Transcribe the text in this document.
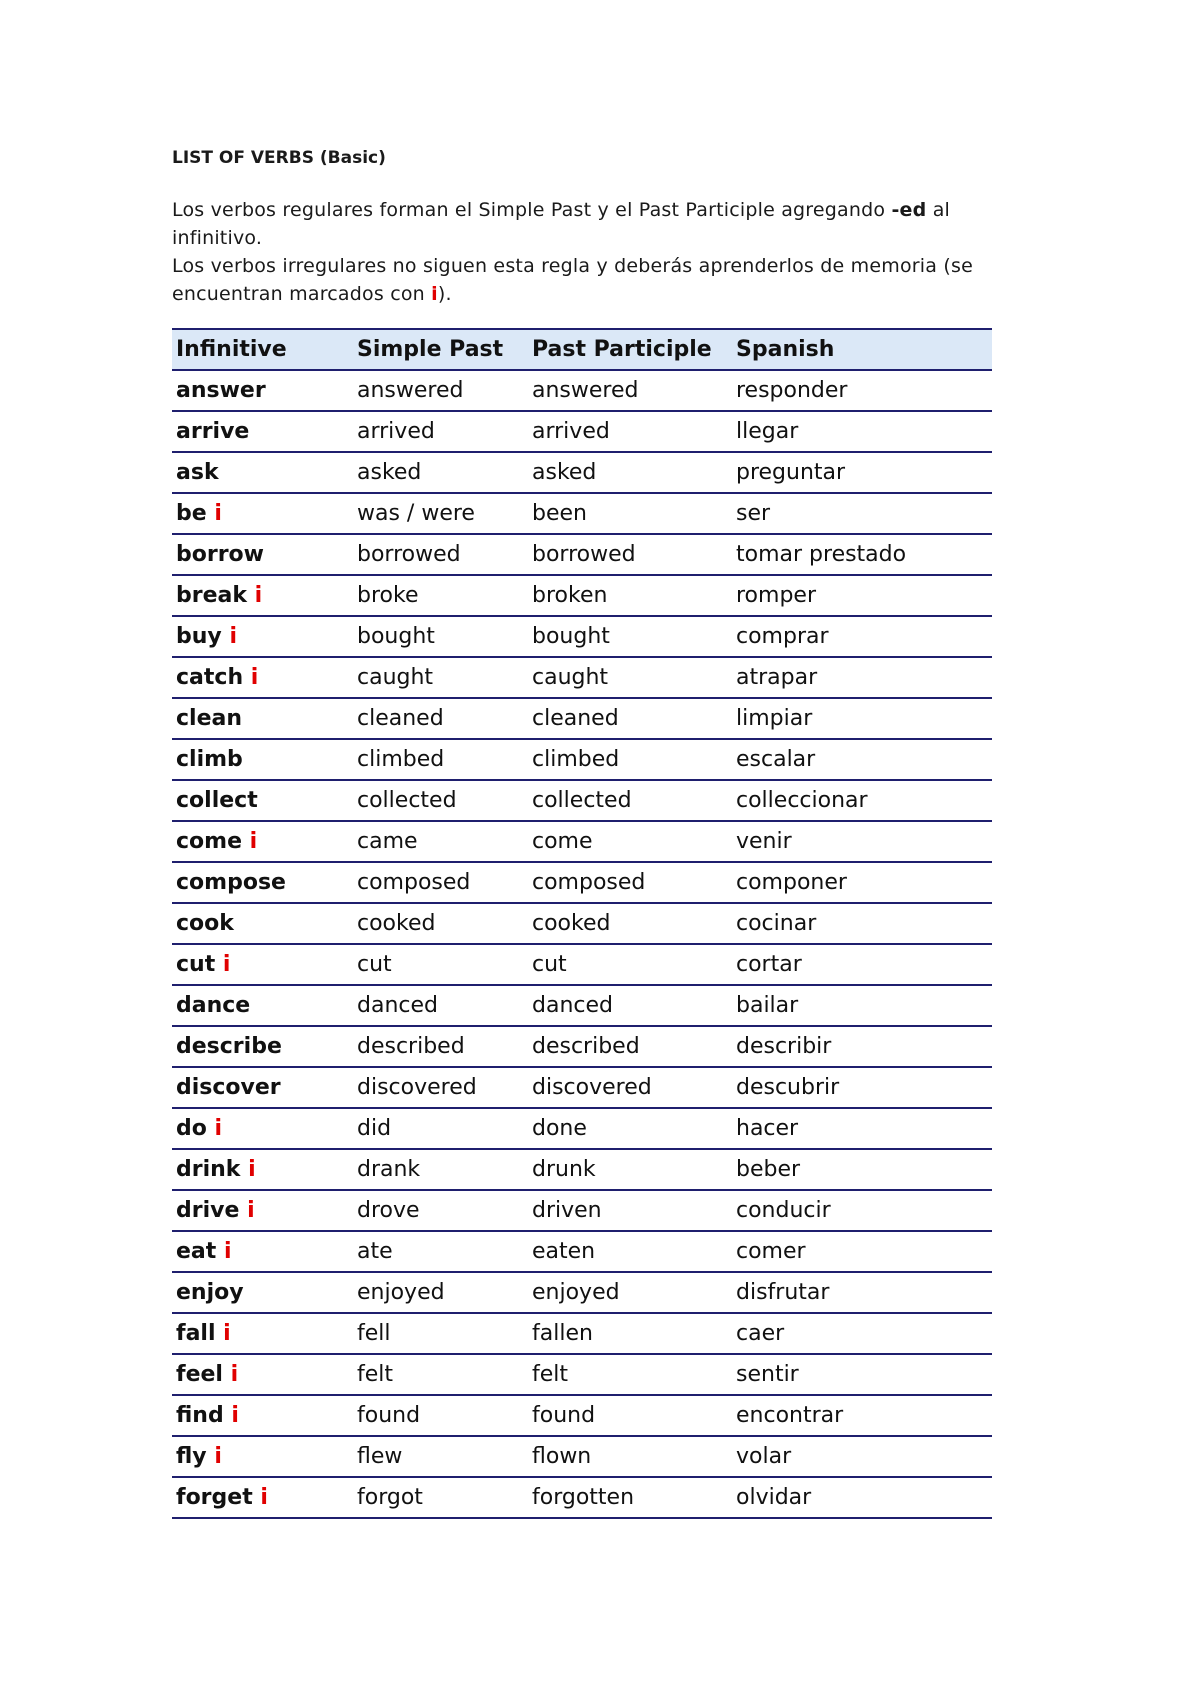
LIST OF VERBS (Basic)
Los verbos regulares forman el Simple Past y el Past Participle agregando -ed al infinitivo.
Los verbos irregulares no siguen esta regla y deberás aprenderlos de memoria (se encuentran marcados con i).
Infinitive	Simple Past	Past Participle	Spanish
answer	answered	answered	responder
arrive	arrived	arrived	llegar
ask	asked	asked	preguntar
be i	was / were	been	ser
borrow	borrowed	borrowed	tomar prestado
break i	broke	broken	romper
buy i	bought	bought	comprar
catch i	caught	caught	atrapar
clean	cleaned	cleaned	limpiar
climb	climbed	climbed	escalar
collect	collected	collected	colleccionar
come i	came	come	venir
compose	composed	composed	componer
cook	cooked	cooked	cocinar
cut i	cut	cut	cortar
dance	danced	danced	bailar
describe	described	described	describir
discover	discovered	discovered	descubrir
do i	did	done	hacer
drink i	drank	drunk	beber
drive i	drove	driven	conducir
eat i	ate	eaten	comer
enjoy	enjoyed	enjoyed	disfrutar
fall i	fell	fallen	caer
feel i	felt	felt	sentir
find i	found	found	encontrar
fly i	flew	flown	volar
forget i	forgot	forgotten	olvidar
